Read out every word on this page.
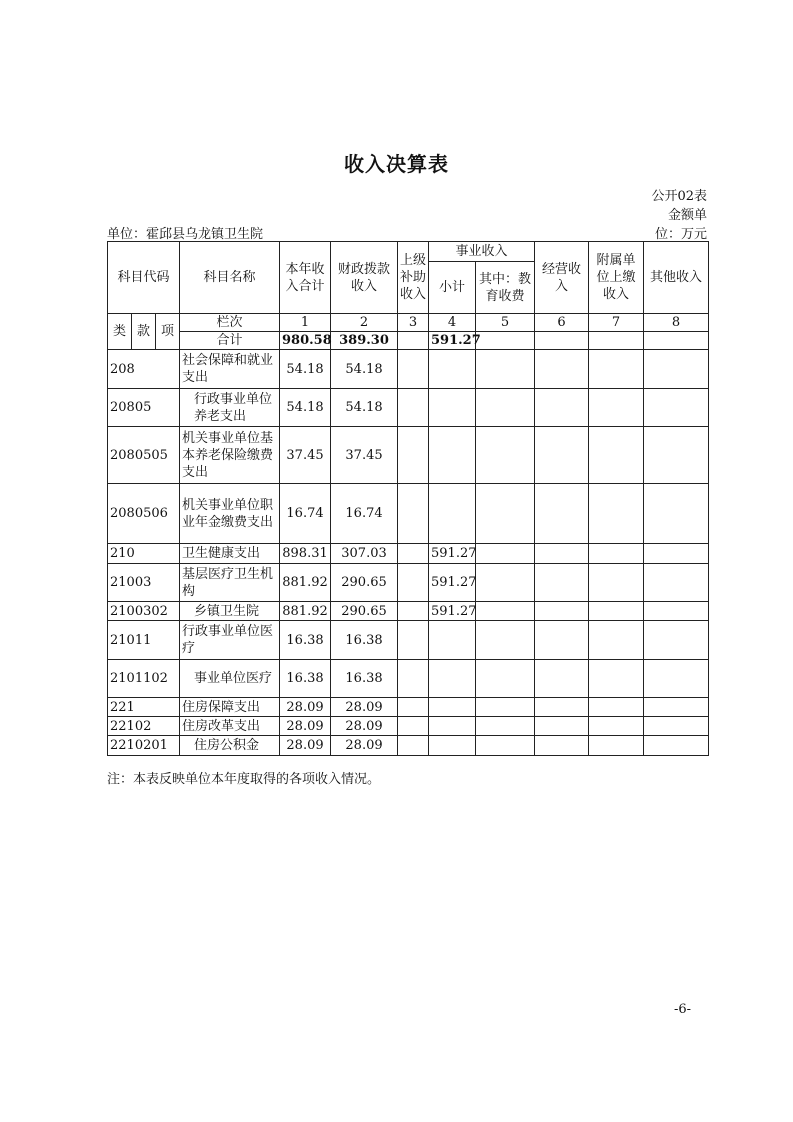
收入决算表
公开02表
金额单
单位：霍邱县乌龙镇卫生院	位：万元
科目代码			科目名称	本年收入合计	财政拨款收入	上级补助收入	事业收入		经营收入	附属单位上缴收入	其他收入
							小计	其中：教育收费			

类	款	项	栏次	1	2	3	4	5	6	7	8
			合计	980.58	389.30		591.27				
208			社会保障和就业支出	54.18	54.18						
20805			行政事业单位养老支出	54.18	54.18						
2080505			机关事业单位基本养老保险缴费支出	37.45	37.45						
2080506			机关事业单位职业年金缴费支出	16.74	16.74						
210			卫生健康支出	898.31	307.03		591.27				
21003			基层医疗卫生机构	881.92	290.65		591.27				
2100302			乡镇卫生院	881.92	290.65		591.27				
21011			行政事业单位医疗	16.38	16.38						
2101102			事业单位医疗	16.38	16.38						
221			住房保障支出	28.09	28.09						
22102			住房改革支出	28.09	28.09						
2210201			住房公积金	28.09	28.09						
注：本表反映单位本年度取得的各项收入情况。
-6-
